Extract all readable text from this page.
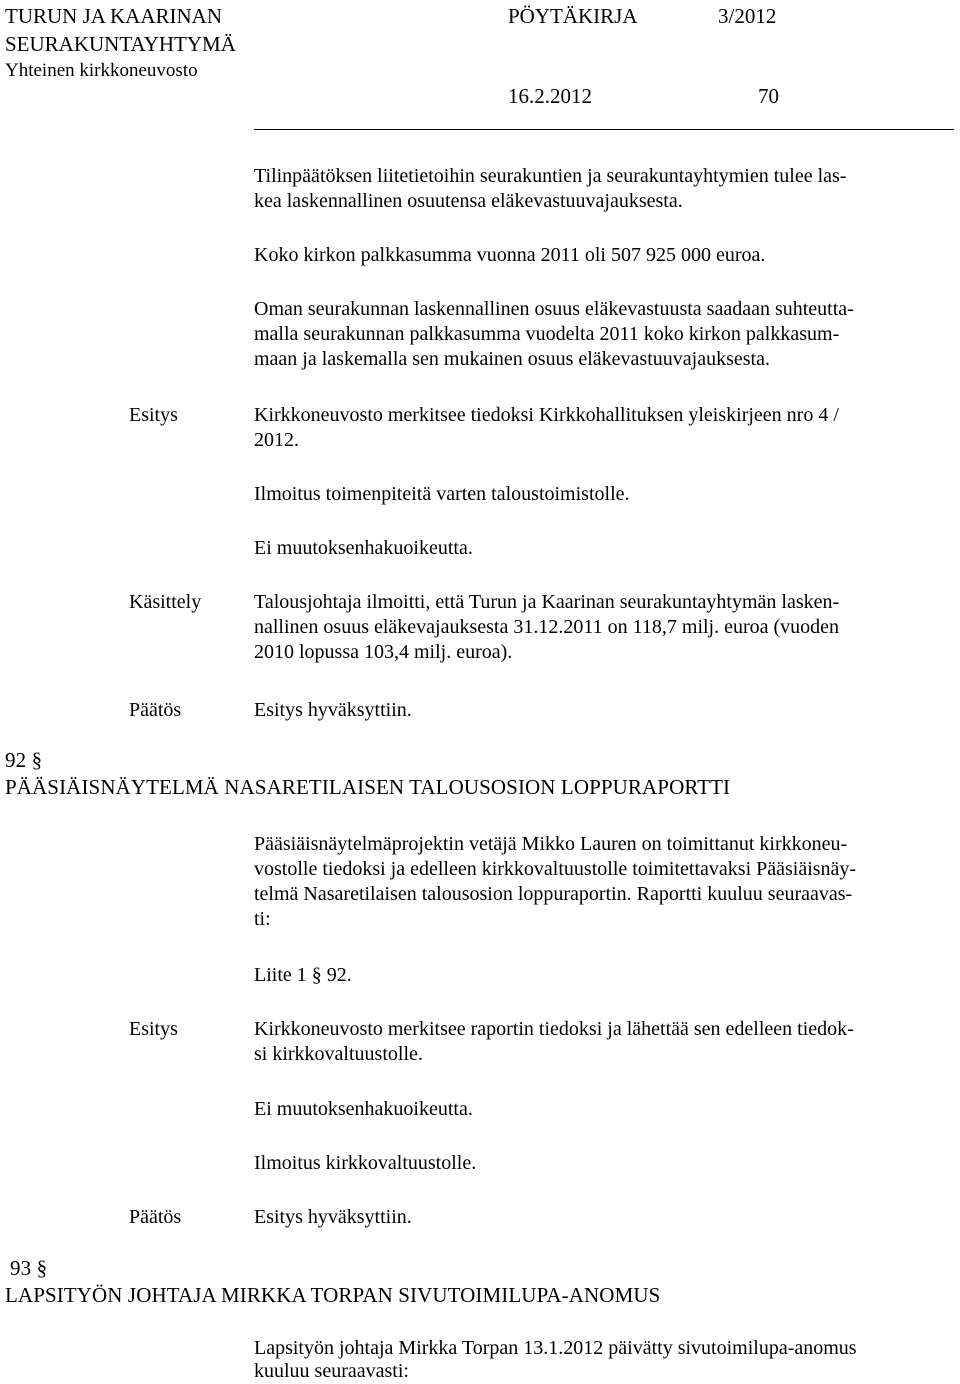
TURUN JA KAARINAN
SEURAKUNTAYHTYMÄ
Yhteinen kirkkoneuvosto
PÖYTÄKIRJA	3/2012
16.2.2012	70
Tilinpäätöksen liitetietoihin seurakuntien ja seurakuntayhtymien tulee las-
kea laskennallinen osuutensa eläkevastuuvajauksesta.
Koko kirkon palkkasumma vuonna 2011 oli 507 925 000 euroa.
Oman seurakunnan laskennallinen osuus eläkevastuusta saadaan suhteutta-
malla seurakunnan palkkasumma vuodelta 2011 koko kirkon palkkasum-
maan ja laskemalla sen mukainen osuus eläkevastuuvajauksesta.
Esitys	Kirkkoneuvosto merkitsee tiedoksi Kirkkohallituksen yleiskirjeen nro 4 /
2012.
Ilmoitus toimenpiteitä varten taloustoimistolle.
Ei muutoksenhakuoikeutta.
Käsittely	Talousjohtaja ilmoitti, että Turun ja Kaarinan seurakuntayhtymän lasken-
nallinen osuus eläkevajauksesta 31.12.2011 on 118,7 milj. euroa (vuoden
2010 lopussa 103,4 milj. euroa).
Päätös	Esitys hyväksyttiin.
92 §
PÄÄSIÄISNÄYTELMÄ NASARETILAISEN TALOUSOSION LOPPURAPORTTI
Pääsiäisnäytelmäprojektin vetäjä Mikko Lauren on toimittanut kirkkoneu-
vostolle tiedoksi ja edelleen kirkkovaltuustolle toimitettavaksi Pääsiäisnäy-
telmä Nasaretilaisen talousosion loppuraportin. Raportti kuuluu seuraavas-
ti:
Liite 1 § 92.
Esitys	Kirkkoneuvosto merkitsee raportin tiedoksi ja lähettää sen edelleen tiedok-
si kirkkovaltuustolle.
Ei muutoksenhakuoikeutta.
Ilmoitus kirkkovaltuustolle.
Päätös	Esitys hyväksyttiin.
93 §
LAPSITYÖN JOHTAJA MIRKKA TORPAN SIVUTOIMILUPA-ANOMUS
Lapsityön johtaja Mirkka Torpan 13.1.2012 päivätty sivutoimilupa-anomus
kuuluu seuraavasti:
